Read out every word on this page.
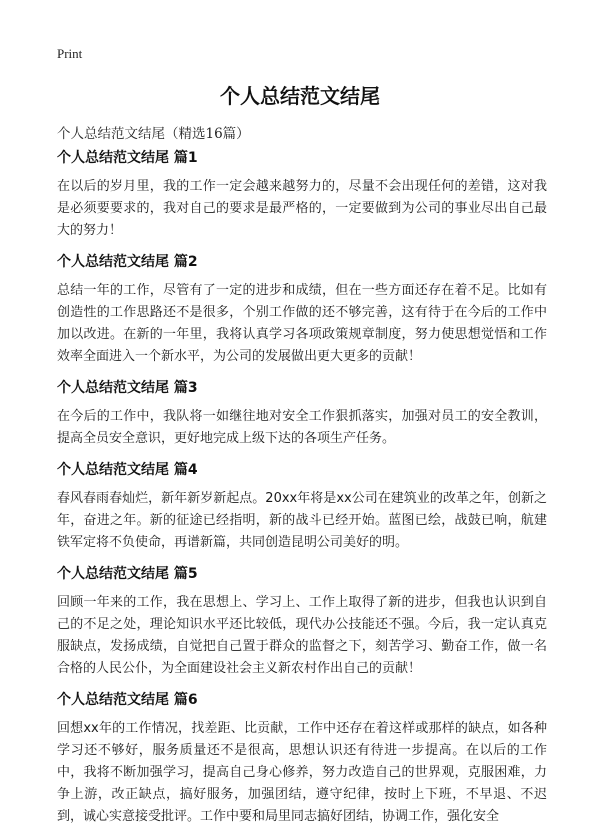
Print
个人总结范文结尾
个人总结范文结尾（精选16篇）
个人总结范文结尾 篇1

在以后的岁月里，我的工作一定会越来越努力的，尽量不会出现任何的差错，这对我是必须要要求的，我对自己的要求是最严格的，一定要做到为公司的事业尽出自己最大的努力！

个人总结范文结尾 篇2

总结一年的工作，尽管有了一定的进步和成绩，但在一些方面还存在着不足。比如有创造性的工作思路还不是很多，个别工作做的还不够完善，这有待于在今后的工作中加以改进。在新的一年里，我将认真学习各项政策规章制度，努力使思想觉悟和工作效率全面进入一个新水平，为公司的发展做出更大更多的贡献！

个人总结范文结尾 篇3

在今后的工作中，我队将一如继往地对安全工作狠抓落实，加强对员工的安全教训，提高全员安全意识，更好地完成上级下达的各项生产任务。

个人总结范文结尾 篇4

春风春雨春灿烂，新年新岁新起点。20xx年将是xx公司在建筑业的改革之年，创新之年，奋进之年。新的征途已经指明，新的战斗已经开始。蓝图已绘，战鼓已响，航建铁军定将不负使命，再谱新篇，共同创造昆明公司美好的明。

个人总结范文结尾 篇5

回顾一年来的工作，我在思想上、学习上、工作上取得了新的进步，但我也认识到自己的不足之处，理论知识水平还比较低，现代办公技能还不强。今后，我一定认真克服缺点，发扬成绩，自觉把自己置于群众的监督之下，刻苦学习、勤奋工作，做一名合格的人民公仆，为全面建设社会主义新农村作出自己的贡献！

个人总结范文结尾 篇6

回想xx年的工作情况，找差距、比贡献，工作中还存在着这样或那样的缺点，如各种学习还不够好，服务质量还不是很高，思想认识还有待进一步提高。在以后的工作中，我将不断加强学习，提高自己身心修养，努力改造自己的世界观，克服困难，力争上游，改正缺点，搞好服务，加强团结，遵守纪律，按时上下班，不早退、不迟到，诚心实意接受批评。工作中要和局里同志搞好团结，协调工作，强化安全
